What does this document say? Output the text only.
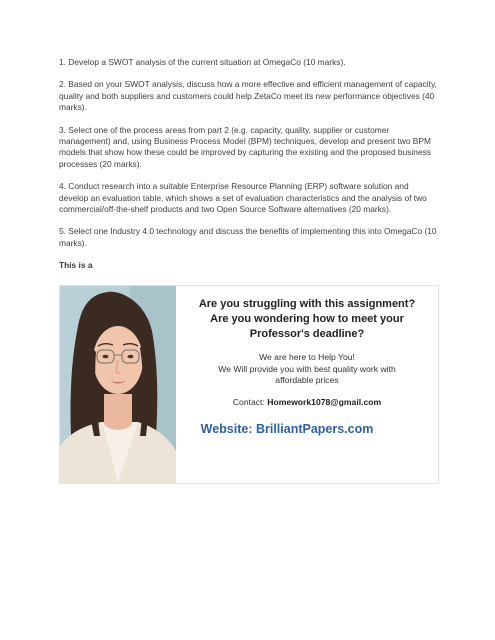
1. Develop a SWOT analysis of the current situation at OmegaCo (10 marks).

2. Based on your SWOT analysis, discuss how a more effective and efficient management of capacity, quality and both suppliers and customers could help ZetaCo meet its new performance objectives (40 marks).

3. Select one of the process areas from part 2 (e.g. capacity, quality, supplier or customer management) and, using Business Process Model (BPM) techniques, develop and present two BPM models that show how these could be improved by capturing the existing and the proposed business processes (20 marks).

4. Conduct research into a suitable Enterprise Resource Planning (ERP) software solution and develop an evaluation table, which shows a set of evaluation characteristics and the analysis of two commercial/off-the-shelf products and two Open Source Software alternatives (20 marks).

5. Select one Industry 4.0 technology and discuss the benefits of implementing this into OmegaCo (10 marks).

This is a

Are you struggling with this assignment?
Are you wondering how to meet your
Professor's deadline?

We are here to Help You!
We Will provide you with best quality work with
affordable prices

Contact: Homework1078@gmail.com

Website: BrilliantPapers.com
